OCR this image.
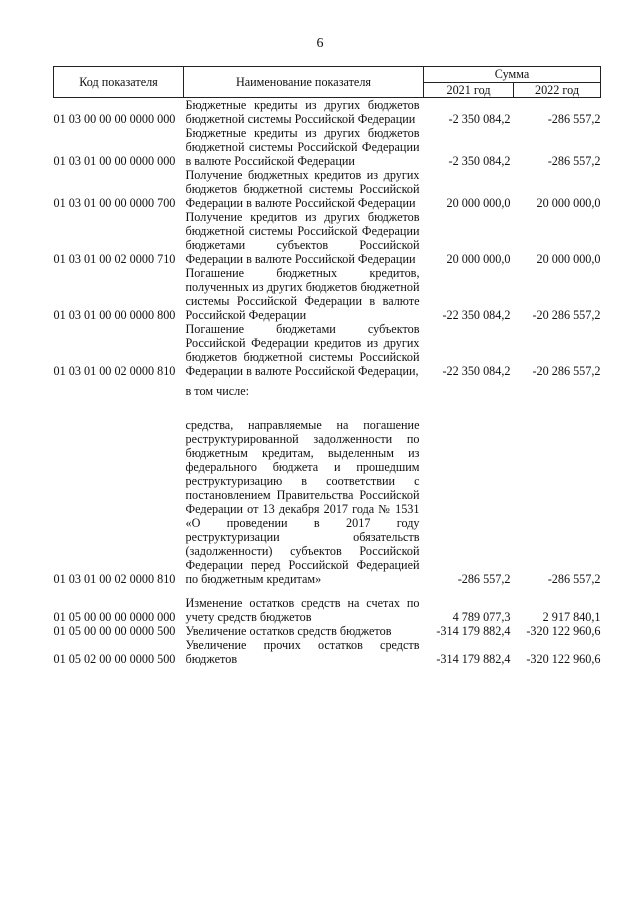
6
Код показателя	Наименование показателя	Сумма	
		2021 год	2022 год
01 03 00 00 00 0000 000	Бюджетные кредиты из других бюджетов бюджетной системы Российской Федерации	-2 350 084,2	-286 557,2
01 03 01 00 00 0000 000	Бюджетные кредиты из других бюджетов бюджетной системы Российской Федерации в валюте Российской Федерации	-2 350 084,2	-286 557,2
01 03 01 00 00 0000 700	Получение бюджетных кредитов из других бюджетов бюджетной системы Российской Федерации в валюте Российской Федерации	20 000 000,0	20 000 000,0
01 03 01 00 02 0000 710	Получение кредитов из других бюджетов бюджетной системы Российской Федерации бюджетами субъектов Российской Федерации в валюте Российской Федерации	20 000 000,0	20 000 000,0
01 03 01 00 00 0000 800	Погашение бюджетных кредитов, полученных из других бюджетов бюджетной системы Российской Федерации в валюте Российской Федерации	-22 350 084,2	-20 286 557,2
01 03 01 00 02 0000 810	Погашение бюджетами субъектов Российской Федерации кредитов из других бюджетов бюджетной системы Российской Федерации в валюте Российской Федерации,	-22 350 084,2	-20 286 557,2
	в том числе:		
01 03 01 00 02 0000 810	средства, направляемые на погашение реструктурированной задолженности по бюджетным кредитам, выделенным из федерального бюджета и прошедшим реструктуризацию в соответствии с постановлением Правительства Российской Федерации от 13 декабря 2017 года № 1531 «О проведении в 2017 году реструктуризации обязательств (задолженности) субъектов Российской Федерации перед Российской Федерацией по бюджетным кредитам»	-286 557,2	-286 557,2
01 05 00 00 00 0000 000	Изменение остатков средств на счетах по учету средств бюджетов	4 789 077,3	2 917 840,1
01 05 00 00 00 0000 500	Увеличение остатков средств бюджетов	-314 179 882,4	-320 122 960,6
01 05 02 00 00 0000 500	Увеличение прочих остатков средств бюджетов	-314 179 882,4	-320 122 960,6
